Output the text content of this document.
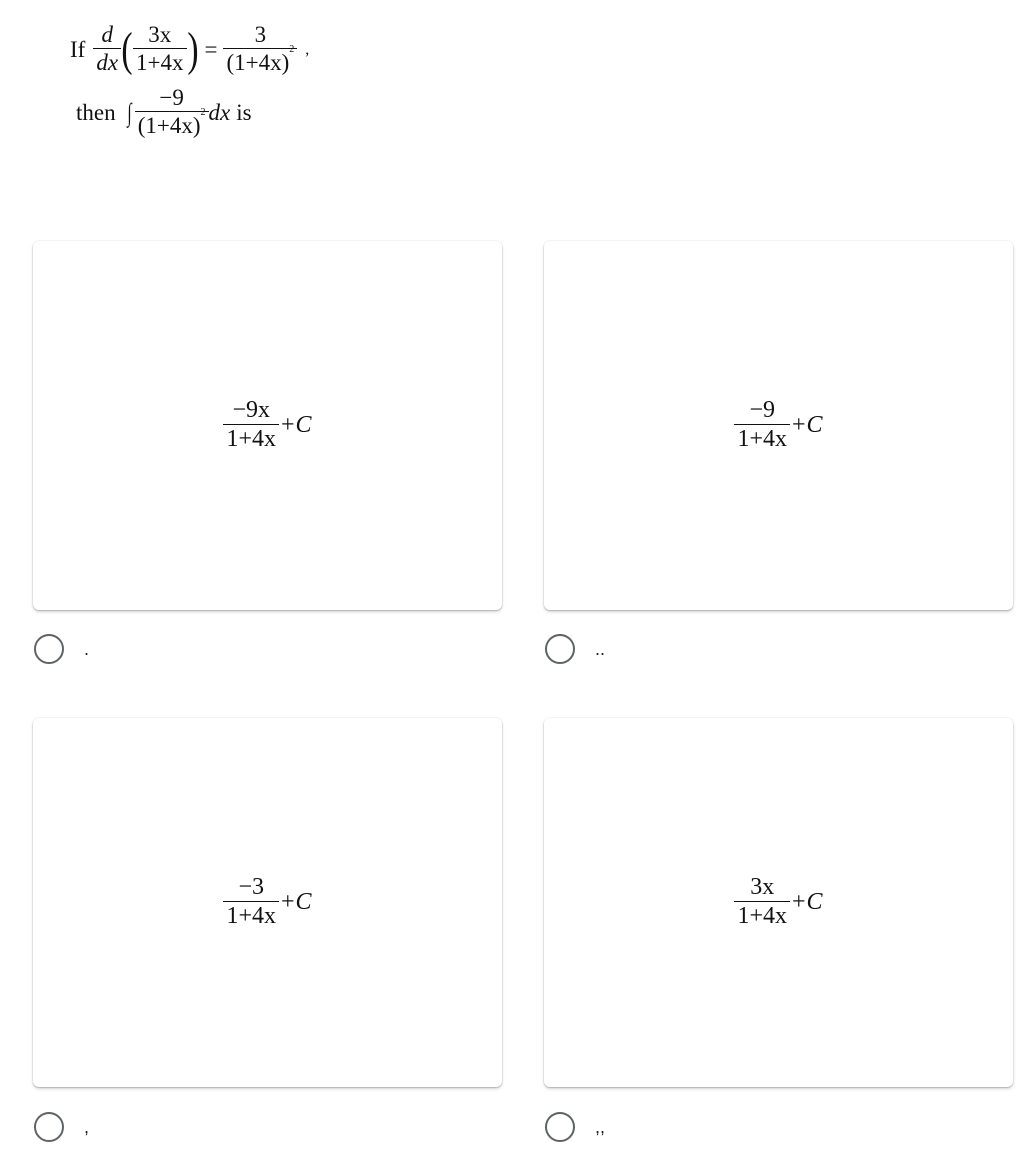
If $\frac{d}{dx}$ ( $\frac{3x}{1+4x}$ ) = $\frac{3}{(1+4x)^2}$ ,
then ∫ $\frac{-9}{(1+4x)^2}$ dx is
$\frac{-9x}{1+4x} +C$
.
$\frac{-9}{1+4x} +C$
..
$\frac{-3}{1+4x} +C$
,
$\frac{3x}{1+4x} +C$
,,
